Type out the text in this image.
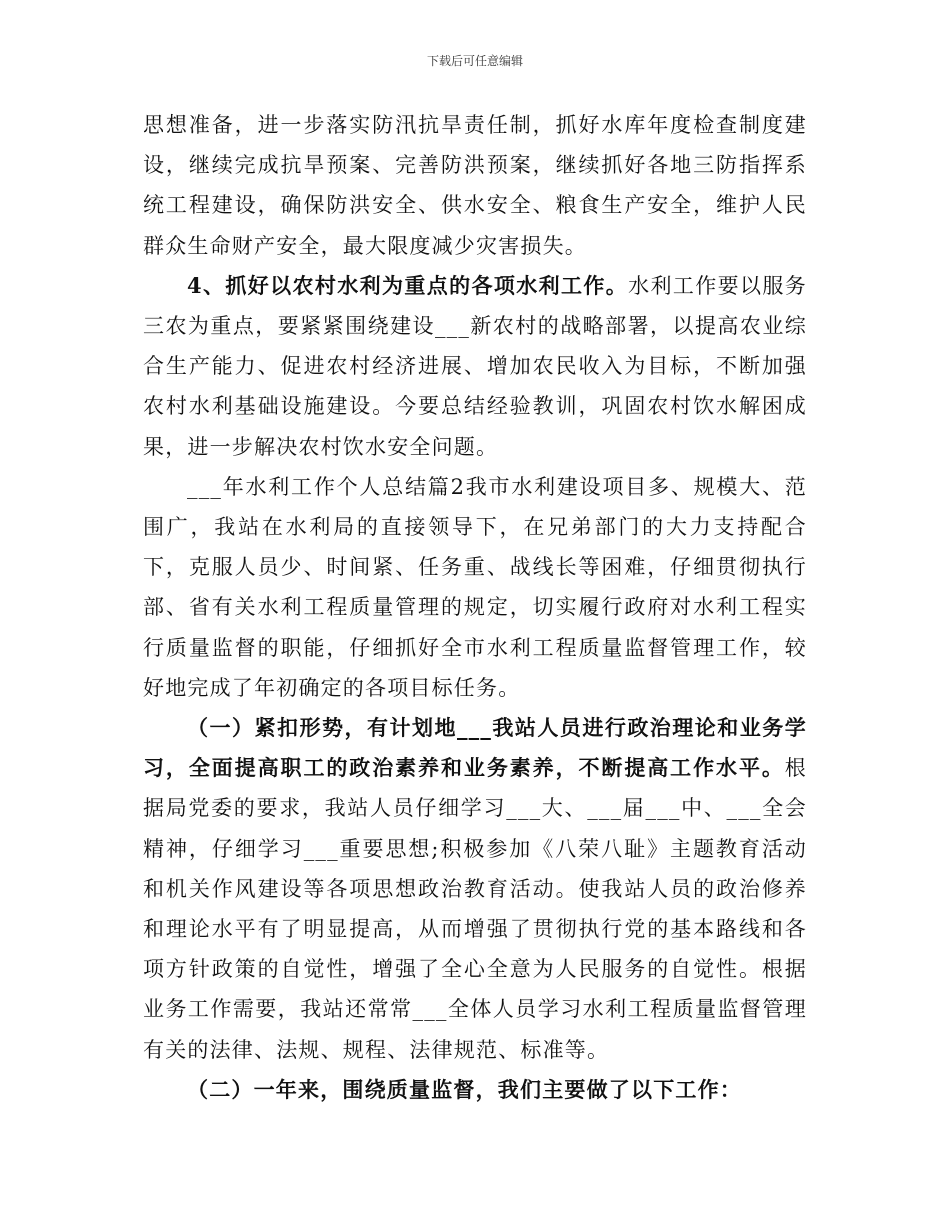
下载后可任意编辑

思想准备，进一步落实防汛抗旱责任制，抓好水库年度检查制度建设，继续完成抗旱预案、完善防洪预案，继续抓好各地三防指挥系统工程建设，确保防洪安全、供水安全、粮食生产安全，维护人民群众生命财产安全，最大限度减少灾害损失。

4、抓好以农村水利为重点的各项水利工作。水利工作要以服务三农为重点，要紧紧围绕建设___新农村的战略部署，以提高农业综合生产能力、促进农村经济进展、增加农民收入为目标，不断加强农村水利基础设施建设。今要总结经验教训，巩固农村饮水解困成果，进一步解决农村饮水安全问题。

___年水利工作个人总结篇2我市水利建设项目多、规模大、范围广，我站在水利局的直接领导下，在兄弟部门的大力支持配合下，克服人员少、时间紧、任务重、战线长等困难，仔细贯彻执行部、省有关水利工程质量管理的规定，切实履行政府对水利工程实行质量监督的职能，仔细抓好全市水利工程质量监督管理工作，较好地完成了年初确定的各项目标任务。

（一）紧扣形势，有计划地___我站人员进行政治理论和业务学习，全面提高职工的政治素养和业务素养，不断提高工作水平。根据局党委的要求，我站人员仔细学习___大、___届___中、___全会精神，仔细学习___重要思想;积极参加《八荣八耻》主题教育活动和机关作风建设等各项思想政治教育活动。使我站人员的政治修养和理论水平有了明显提高，从而增强了贯彻执行党的基本路线和各项方针政策的自觉性，增强了全心全意为人民服务的自觉性。根据业务工作需要，我站还常常___全体人员学习水利工程质量监督管理有关的法律、法规、规程、法律规范、标准等。

（二）一年来，围绕质量监督，我们主要做了以下工作：
